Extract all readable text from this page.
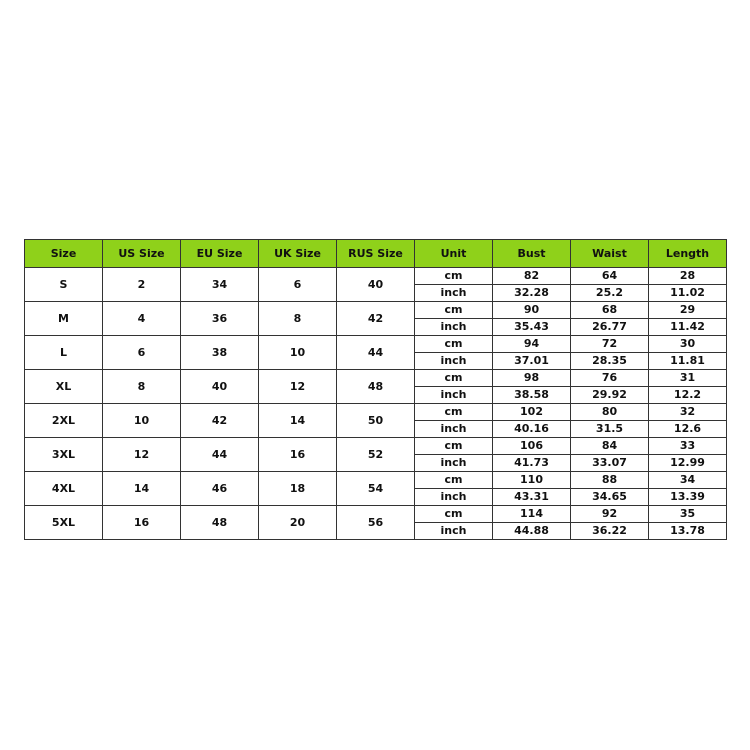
Size	US Size	EU Size	UK Size	RUS Size	Unit	Bust	Waist	Length
S	2	34	6	40	cm	82	64	28
					inch	32.28	25.2	11.02
M	4	36	8	42	cm	90	68	29
					inch	35.43	26.77	11.42
L	6	38	10	44	cm	94	72	30
					inch	37.01	28.35	11.81
XL	8	40	12	48	cm	98	76	31
					inch	38.58	29.92	12.2
2XL	10	42	14	50	cm	102	80	32
					inch	40.16	31.5	12.6
3XL	12	44	16	52	cm	106	84	33
					inch	41.73	33.07	12.99
4XL	14	46	18	54	cm	110	88	34
					inch	43.31	34.65	13.39
5XL	16	48	20	56	cm	114	92	35
					inch	44.88	36.22	13.78
